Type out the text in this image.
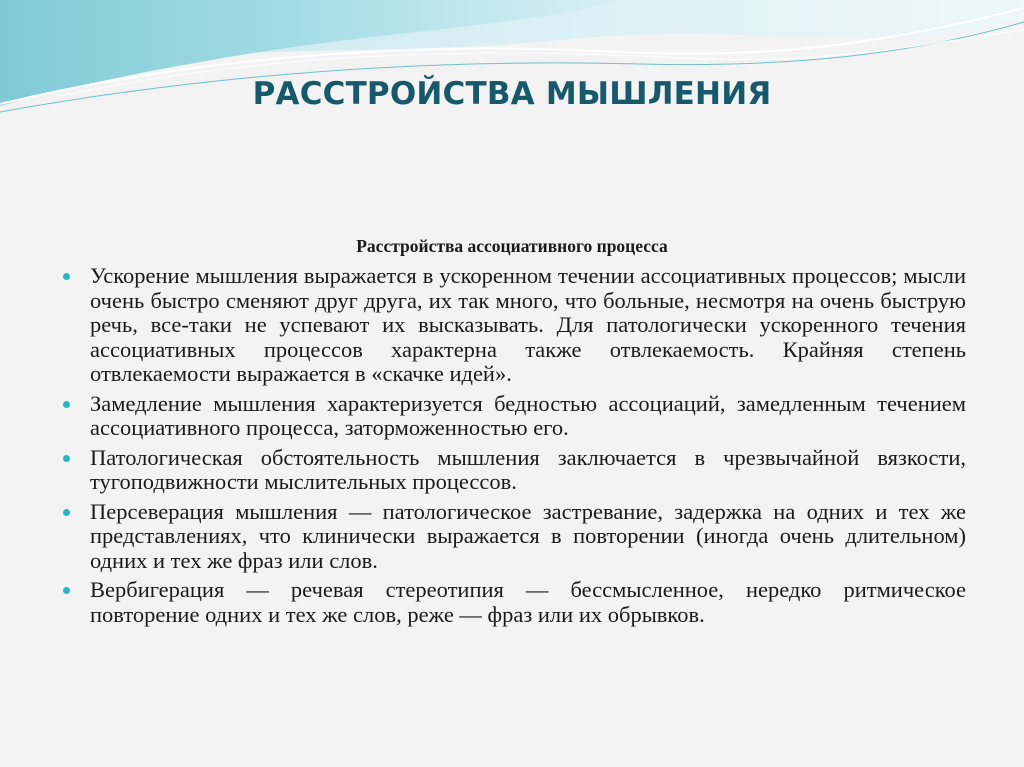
РАССТРОЙСТВА МЫШЛЕНИЯ
Расстройства ассоциативного процесса
Ускорение мышления выражается в ускоренном течении ассоциативных процессов; мысли очень быстро сменяют друг друга, их так много, что больные, несмотря на очень быструю речь, все-таки не успевают их высказывать. Для патологически ускоренного течения ассоциативных процессов характерна также отвлекаемость. Крайняя степень отвлекаемости выражается в «скачке идей».
Замедление мышления характеризуется бедностью ассоциаций, замедленным течением ассоциативного процесса, заторможенностью его.
Патологическая обстоятельность мышления заключается в чрезвычайной вязкости, тугоподвижности мыслительных процессов.
Персеверация мышления — патологическое застревание, задержка на одних и тех же представлениях, что клинически выражается в повторении (иногда очень длительном) одних и тех же фраз или слов.
Вербигерация — речевая стереотипия — бессмысленное, нередко ритмическое повторение одних и тех же слов, реже — фраз или их обрывков.
